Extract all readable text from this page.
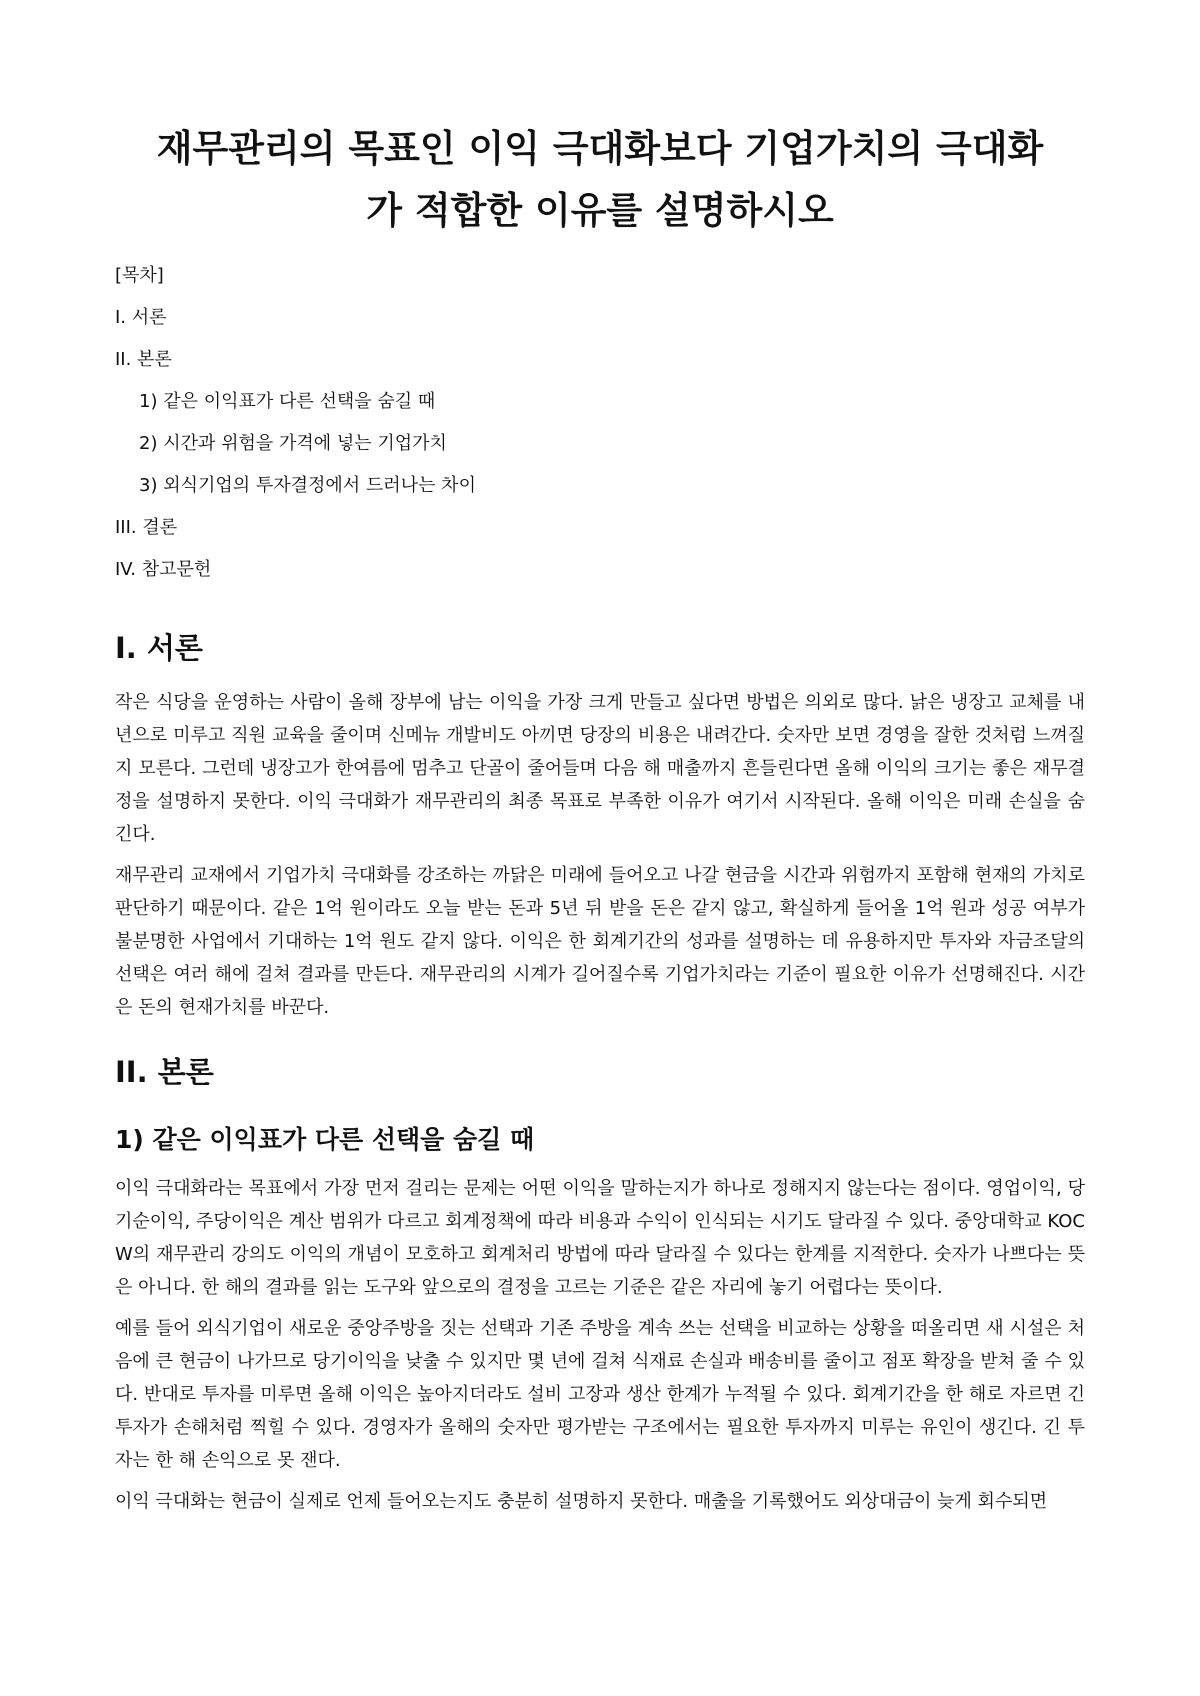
재무관리의 목표인 이익 극대화보다 기업가치의 극대화가 적합한 이유를 설명하시오

[목차]

I. 서론

II. 본론

1) 같은 이익표가 다른 선택을 숨길 때

2) 시간과 위험을 가격에 넣는 기업가치

3) 외식기업의 투자결정에서 드러나는 차이

III. 결론

IV. 참고문헌

I. 서론

작은 식당을 운영하는 사람이 올해 장부에 남는 이익을 가장 크게 만들고 싶다면 방법은 의외로 많다. 낡은 냉장고 교체를 내년으로 미루고 직원 교육을 줄이며 신메뉴 개발비도 아끼면 당장의 비용은 내려간다. 숫자만 보면 경영을 잘한 것처럼 느껴질지 모른다. 그런데 냉장고가 한여름에 멈추고 단골이 줄어들며 다음 해 매출까지 흔들린다면 올해 이익의 크기는 좋은 재무결정을 설명하지 못한다. 이익 극대화가 재무관리의 최종 목표로 부족한 이유가 여기서 시작된다. 올해 이익은 미래 손실을 숨긴다.

재무관리 교재에서 기업가치 극대화를 강조하는 까닭은 미래에 들어오고 나갈 현금을 시간과 위험까지 포함해 현재의 가치로 판단하기 때문이다. 같은 1억 원이라도 오늘 받는 돈과 5년 뒤 받을 돈은 같지 않고, 확실하게 들어올 1억 원과 성공 여부가 불분명한 사업에서 기대하는 1억 원도 같지 않다. 이익은 한 회계기간의 성과를 설명하는 데 유용하지만 투자와 자금조달의 선택은 여러 해에 걸쳐 결과를 만든다. 재무관리의 시계가 길어질수록 기업가치라는 기준이 필요한 이유가 선명해진다. 시간은 돈의 현재가치를 바꾼다.

II. 본론
1) 같은 이익표가 다른 선택을 숨길 때

이익 극대화라는 목표에서 가장 먼저 걸리는 문제는 어떤 이익을 말하는지가 하나로 정해지지 않는다는 점이다. 영업이익, 당기순이익, 주당이익은 계산 범위가 다르고 회계정책에 따라 비용과 수익이 인식되는 시기도 달라질 수 있다. 중앙대학교 KOCW의 재무관리 강의도 이익의 개념이 모호하고 회계처리 방법에 따라 달라질 수 있다는 한계를 지적한다. 숫자가 나쁘다는 뜻은 아니다. 한 해의 결과를 읽는 도구와 앞으로의 결정을 고르는 기준은 같은 자리에 놓기 어렵다는 뜻이다.

예를 들어 외식기업이 새로운 중앙주방을 짓는 선택과 기존 주방을 계속 쓰는 선택을 비교하는 상황을 떠올리면 새 시설은 처음에 큰 현금이 나가므로 당기이익을 낮출 수 있지만 몇 년에 걸쳐 식재료 손실과 배송비를 줄이고 점포 확장을 받쳐 줄 수 있다. 반대로 투자를 미루면 올해 이익은 높아지더라도 설비 고장과 생산 한계가 누적될 수 있다. 회계기간을 한 해로 자르면 긴 투자가 손해처럼 찍힐 수 있다. 경영자가 올해의 숫자만 평가받는 구조에서는 필요한 투자까지 미루는 유인이 생긴다. 긴 투자는 한 해 손익으로 못 잰다.

이익 극대화는 현금이 실제로 언제 들어오는지도 충분히 설명하지 못한다. 매출을 기록했어도 외상대금이 늦게 회수되면
